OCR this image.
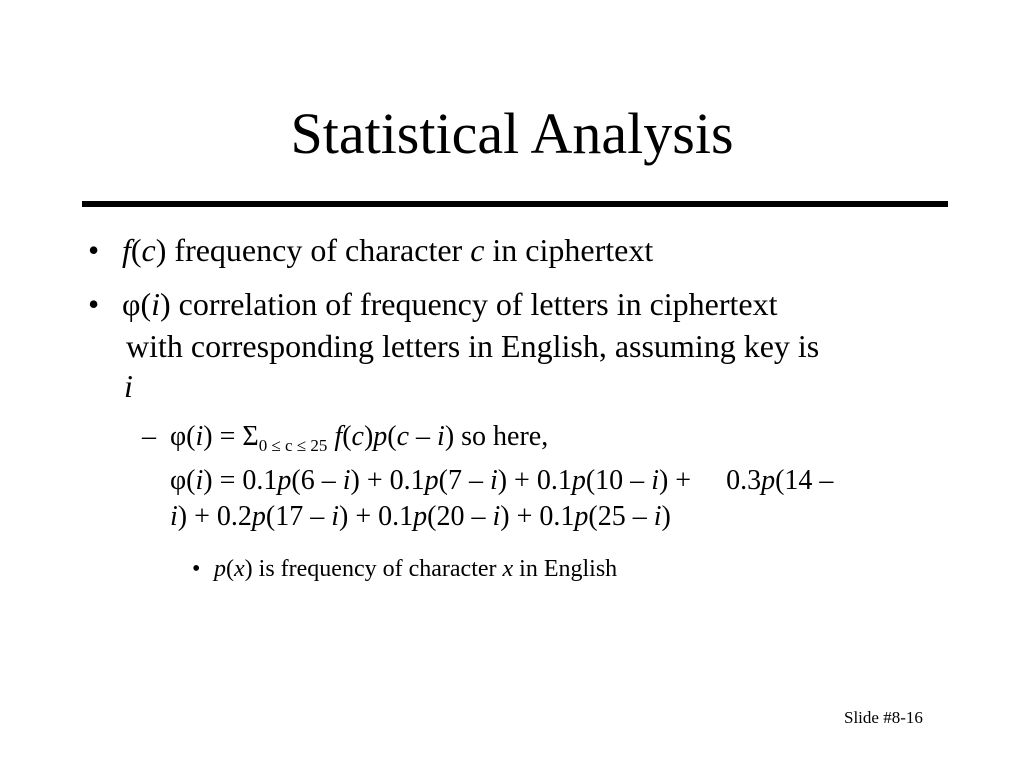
Statistical Analysis
• f(c) frequency of character c in ciphertext
• φ(i) correlation of frequency of letters in ciphertext
with corresponding letters in English, assuming key is
i
– $\varphi(i) = \Sigma_{0 \le c \le 25}$ f(c)p(c – i) so here,
φ(i) = 0.1p(6 – i) + 0.1p(7 – i) + 0.1p(10 – i) +     0.3p(14 –
i) + 0.2p(17 – i) + 0.1p(20 – i) + 0.1p(25 – i)
• p(x) is frequency of character x in English
Slide #8-16
